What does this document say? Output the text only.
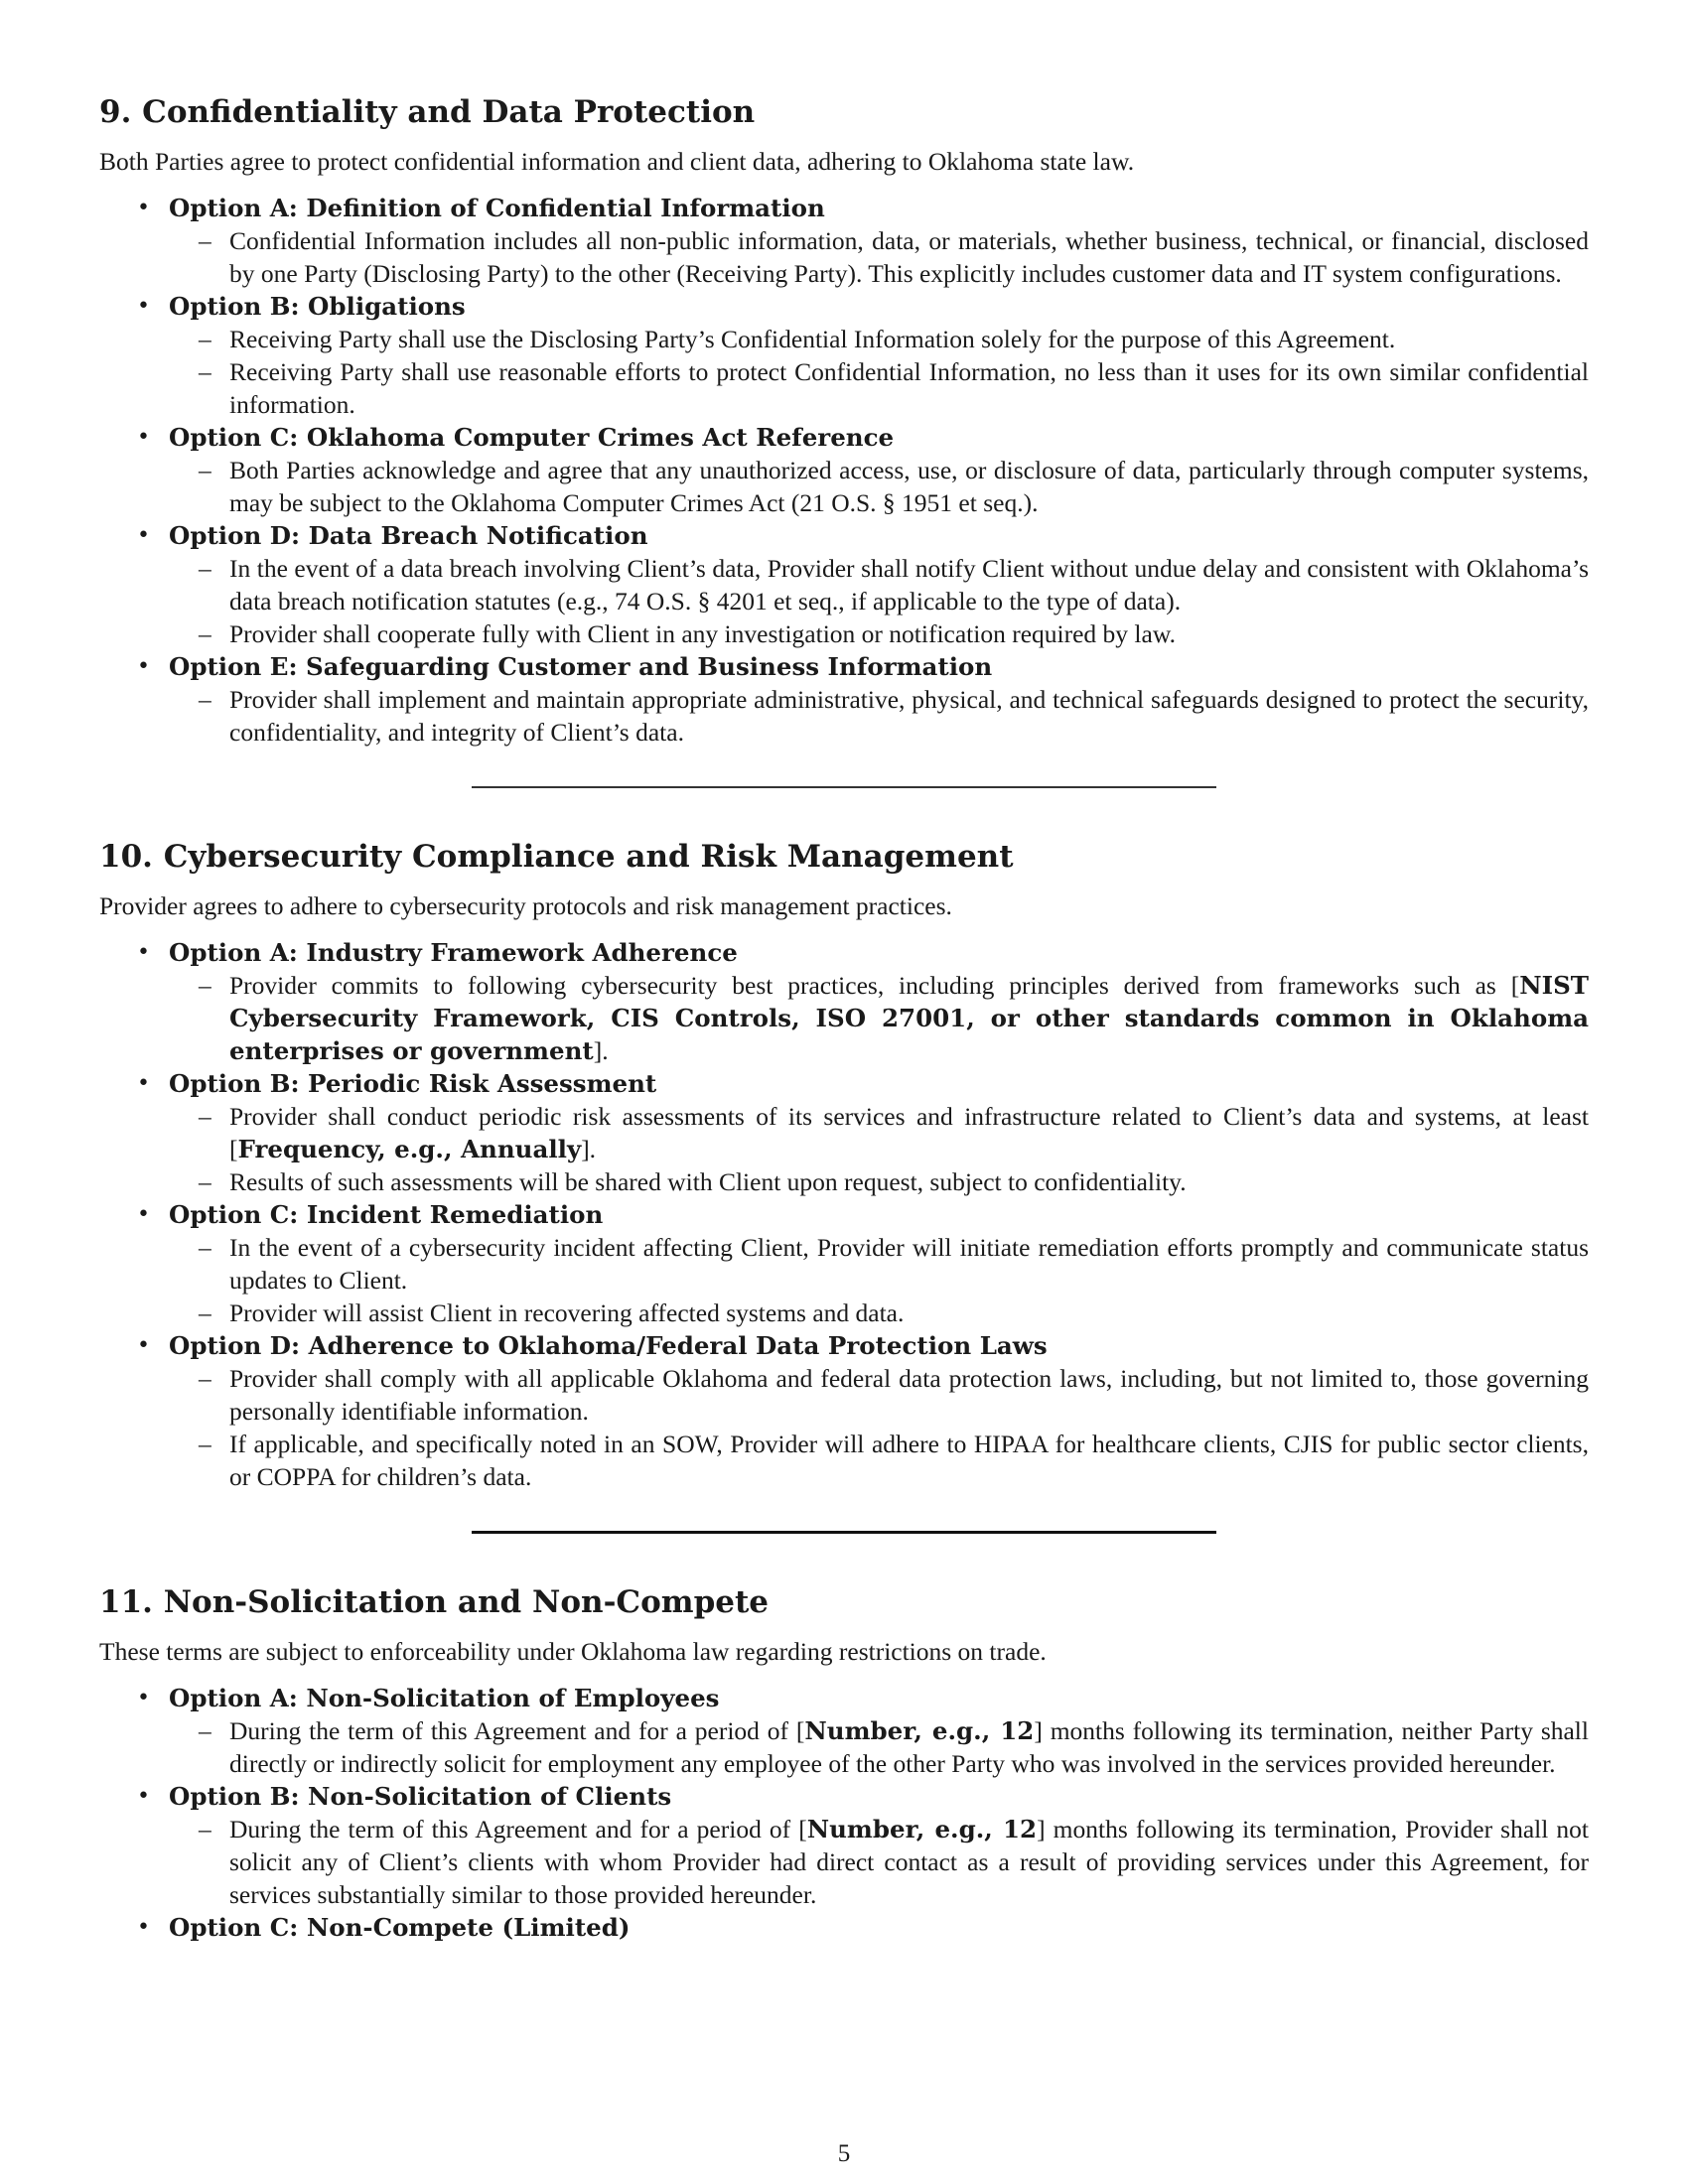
9. Confidentiality and Data Protection

Both Parties agree to protect confidential information and client data, adhering to Oklahoma state law.

• Option A: Definition of Confidential Information
– Confidential Information includes all non-public information, data, or materials, whether business, technical, or financial, disclosed by one Party (Disclosing Party) to the other (Receiving Party). This explicitly includes customer data and IT system configurations.
• Option B: Obligations
– Receiving Party shall use the Disclosing Party’s Confidential Information solely for the purpose of this Agreement.
– Receiving Party shall use reasonable efforts to protect Confidential Information, no less than it uses for its own similar confidential information.
• Option C: Oklahoma Computer Crimes Act Reference
– Both Parties acknowledge and agree that any unauthorized access, use, or disclosure of data, particularly through computer systems, may be subject to the Oklahoma Computer Crimes Act (21 O.S. § 1951 et seq.).
• Option D: Data Breach Notification
– In the event of a data breach involving Client’s data, Provider shall notify Client without undue delay and consistent with Oklahoma’s data breach notification statutes (e.g., 74 O.S. § 4201 et seq., if applicable to the type of data).
– Provider shall cooperate fully with Client in any investigation or notification required by law.
• Option E: Safeguarding Customer and Business Information
– Provider shall implement and maintain appropriate administrative, physical, and technical safeguards designed to protect the security, confidentiality, and integrity of Client’s data.
10. Cybersecurity Compliance and Risk Management

Provider agrees to adhere to cybersecurity protocols and risk management practices.

• Option A: Industry Framework Adherence
– Provider commits to following cybersecurity best practices, including principles derived from frameworks such as [NIST Cybersecurity Framework, CIS Controls, ISO 27001, or other standards common in Oklahoma enterprises or government].
• Option B: Periodic Risk Assessment
– Provider shall conduct periodic risk assessments of its services and infrastructure related to Client’s data and systems, at least [Frequency, e.g., Annually].
– Results of such assessments will be shared with Client upon request, subject to confidentiality.
• Option C: Incident Remediation
– In the event of a cybersecurity incident affecting Client, Provider will initiate remediation efforts promptly and communicate status updates to Client.
– Provider will assist Client in recovering affected systems and data.
• Option D: Adherence to Oklahoma/Federal Data Protection Laws
– Provider shall comply with all applicable Oklahoma and federal data protection laws, including, but not limited to, those governing personally identifiable information.
– If applicable, and specifically noted in an SOW, Provider will adhere to HIPAA for healthcare clients, CJIS for public sector clients, or COPPA for children’s data.
11. Non-Solicitation and Non-Compete

These terms are subject to enforceability under Oklahoma law regarding restrictions on trade.

• Option A: Non-Solicitation of Employees
– During the term of this Agreement and for a period of [Number, e.g., 12] months following its termination, neither Party shall directly or indirectly solicit for employment any employee of the other Party who was involved in the services provided hereunder.
• Option B: Non-Solicitation of Clients
– During the term of this Agreement and for a period of [Number, e.g., 12] months following its termination, Provider shall not solicit any of Client’s clients with whom Provider had direct contact as a result of providing services under this Agreement, for services substantially similar to those provided hereunder.
• Option C: Non-Compete (Limited)
5
